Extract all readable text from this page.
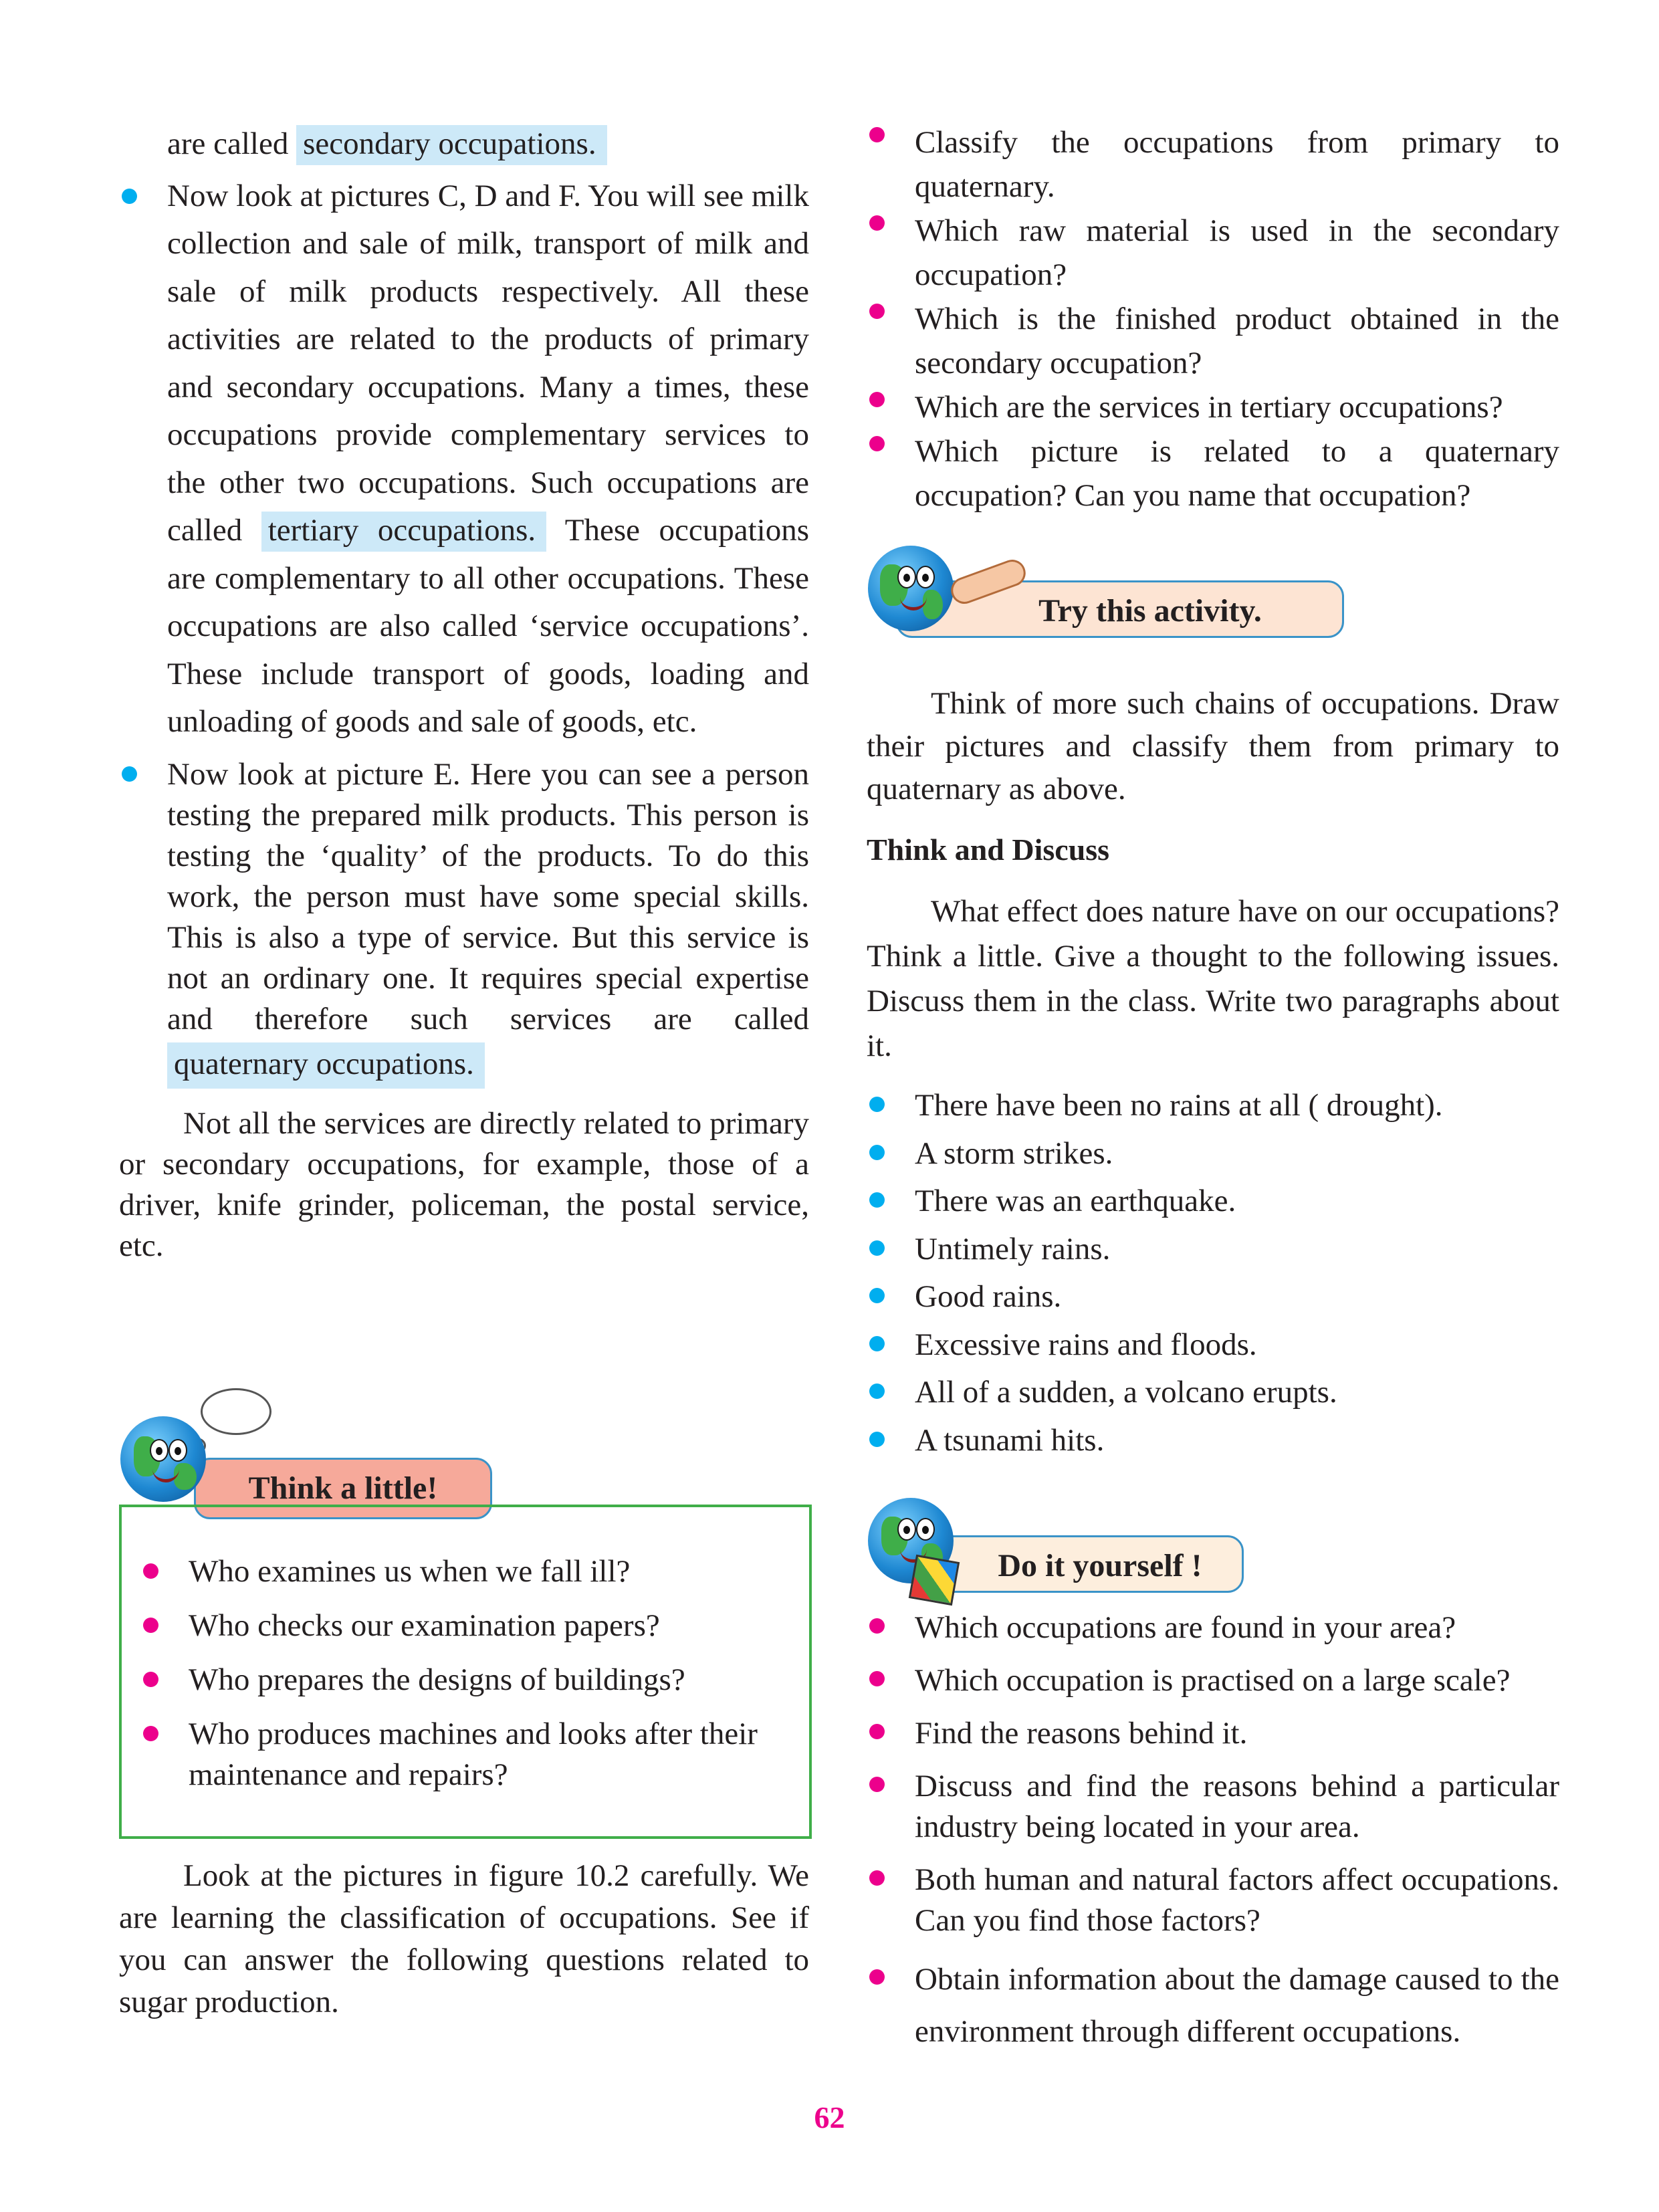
are called secondary occupations.

Now look at pictures C, D and F. You will see milk collection and sale of milk, transport of milk and sale of milk products respectively. All these activities are related to the products of primary and secondary occupations. Many a times, these occupations provide complementary services to the other two occupations. Such occupations are called tertiary occupations. These occupations are complementary to all other occupations. These occupations are also called ‘service occupations’. These include transport of goods, loading and unloading of goods and sale of goods, etc.
Now look at picture E. Here you can see a person testing the prepared milk products. This person is testing the ‘quality’ of the products. To do this work, the person must have some special skills. This is also a type of service. But this service is not an ordinary one. It requires special expertise and therefore such services are called quaternary occupations.

Not all the services are directly related to primary or secondary occupations, for example, those of a driver, knife grinder, policeman, the postal service, etc.

Think a little!
Who examines us when we fall ill?
Who checks our examination papers?
Who prepares the designs of buildings?
Who produces machines and looks after their maintenance and repairs?

Look at the pictures in figure 10.2 carefully. We are learning the classification of occupations. See if you can answer the following questions related to sugar production.

Classify the occupations from primary to quaternary.
Which raw material is used in the secondary occupation?
Which is the finished product obtained in the secondary occupation?
Which are the services in tertiary occupations?
Which picture is related to a quaternary occupation? Can you name that occupation?
Try this activity.

Think of more such chains of occupations. Draw their pictures and classify them from primary to quaternary as above.

Think and Discuss

What effect does nature have on our occupations? Think a little. Give a thought to the following issues. Discuss them in the class. Write two paragraphs about it.

There have been no rains at all ( drought).
A storm strikes.
There was an earthquake.
Untimely rains.
Good rains.
Excessive rains and floods.
All of a sudden, a volcano erupts.
A tsunami hits.
Do it yourself !
Which occupations are found in your area?
Which occupation is practised on a large scale?
Find the reasons behind it.
Discuss and find the reasons behind a particular industry being located in your area.
Both human and natural factors affect occupations. Can you find those factors?
Obtain information about the damage caused to the environment through different occupations.
62
